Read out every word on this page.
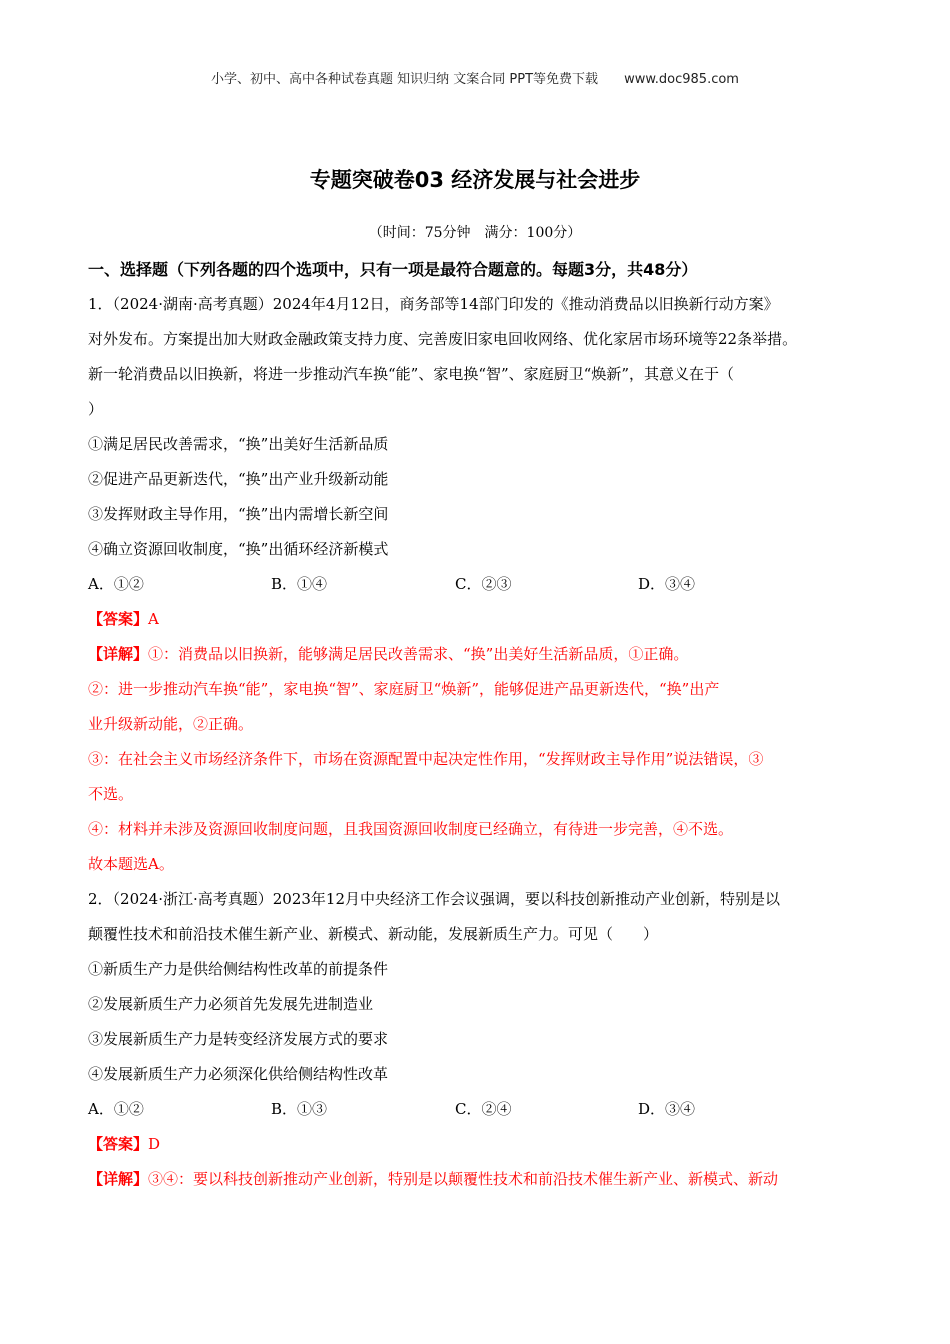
小学、初中、高中各种试卷真题 知识归纳 文案合同 PPT等免费下载 www.doc985.com
专题突破卷03 经济发展与社会进步
（时间：75分钟　满分：100分）
一、选择题（下列各题的四个选项中，只有一项是最符合题意的。每题3分，共48分）
1．（2024·湖南·高考真题）2024年4月12日，商务部等14部门印发的《推动消费品以旧换新行动方案》
对外发布。方案提出加大财政金融政策支持力度、完善废旧家电回收网络、优化家居市场环境等22条举措。
新一轮消费品以旧换新，将进一步推动汽车换“能”、家电换“智”、家庭厨卫“焕新”，其意义在于（
）
①满足居民改善需求，“换”出美好生活新品质
②促进产品更新迭代，“换”出产业升级新动能
③发挥财政主导作用，“换”出内需增长新空间
④确立资源回收制度，“换”出循环经济新模式
A．①②	B．①④	C．②③	D．③④
【答案】A
【详解】①：消费品以旧换新，能够满足居民改善需求、“换”出美好生活新品质，①正确。
②：进一步推动汽车换“能”，家电换“智”、家庭厨卫“焕新”，能够促进产品更新迭代，“换”出产
业升级新动能，②正确。
③：在社会主义市场经济条件下，市场在资源配置中起决定性作用，“发挥财政主导作用”说法错误，③
不选。
④：材料并未涉及资源回收制度问题，且我国资源回收制度已经确立，有待进一步完善，④不选。
故本题选A。
2．（2024·浙江·高考真题）2023年12月中央经济工作会议强调，要以科技创新推动产业创新，特别是以
颠覆性技术和前沿技术催生新产业、新模式、新动能，发展新质生产力。可见（　　）
①新质生产力是供给侧结构性改革的前提条件
②发展新质生产力必须首先发展先进制造业
③发展新质生产力是转变经济发展方式的要求
④发展新质生产力必须深化供给侧结构性改革
A．①②	B．①③	C．②④	D．③④
【答案】D
【详解】③④：要以科技创新推动产业创新，特别是以颠覆性技术和前沿技术催生新产业、新模式、新动
